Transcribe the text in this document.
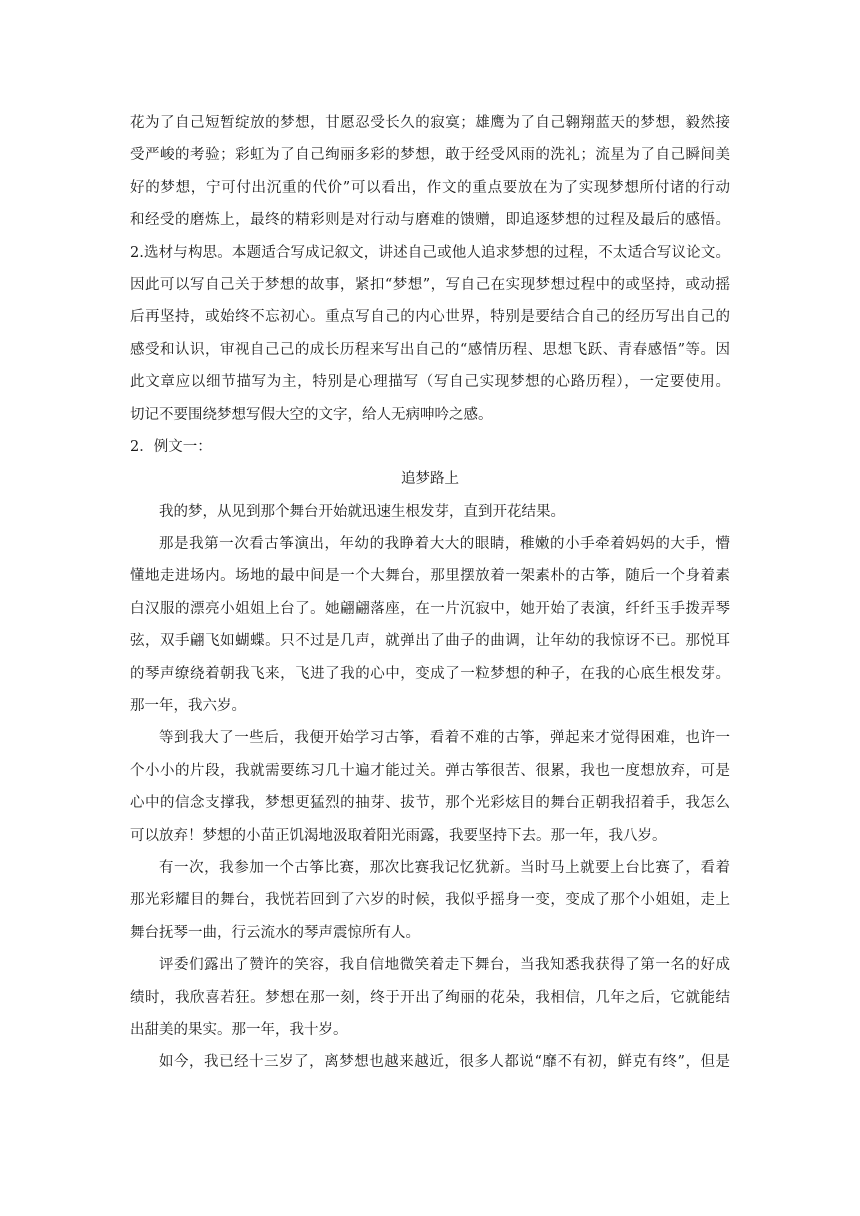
花为了自己短暂绽放的梦想，甘愿忍受长久的寂寞；雄鹰为了自己翱翔蓝天的梦想，毅然接
受严峻的考验；彩虹为了自己绚丽多彩的梦想，敢于经受风雨的洗礼；流星为了自己瞬间美
好的梦想，宁可付出沉重的代价”可以看出，作文的重点要放在为了实现梦想所付诸的行动
和经受的磨炼上，最终的精彩则是对行动与磨难的馈赠，即追逐梦想的过程及最后的感悟。
2.选材与构思。本题适合写成记叙文，讲述自己或他人追求梦想的过程，不太适合写议论文。
因此可以写自己关于梦想的故事，紧扣“梦想”，写自己在实现梦想过程中的或坚持，或动摇
后再坚持，或始终不忘初心。重点写自己的内心世界，特别是要结合自己的经历写出自己的
感受和认识，审视自己己的成长历程来写出自己的“感情历程、思想飞跃、青春感悟”等。因
此文章应以细节描写为主，特别是心理描写（写自己实现梦想的心路历程），一定要使用。
切记不要围绕梦想写假大空的文字，给人无病呻吟之感。
2．例文一：
追梦路上
我的梦，从见到那个舞台开始就迅速生根发芽，直到开花结果。
那是我第一次看古筝演出，年幼的我睁着大大的眼睛，稚嫩的小手牵着妈妈的大手，懵
懂地走进场内。场地的最中间是一个大舞台，那里摆放着一架素朴的古筝，随后一个身着素
白汉服的漂亮小姐姐上台了。她翩翩落座，在一片沉寂中，她开始了表演，纤纤玉手拨弄琴
弦，双手翩飞如蝴蝶。只不过是几声，就弹出了曲子的曲调，让年幼的我惊讶不已。那悦耳
的琴声缭绕着朝我飞来，飞进了我的心中，变成了一粒梦想的种子，在我的心底生根发芽。
那一年，我六岁。
等到我大了一些后，我便开始学习古筝，看着不难的古筝，弹起来才觉得困难，也许一
个小小的片段，我就需要练习几十遍才能过关。弹古筝很苦、很累，我也一度想放弃，可是
心中的信念支撑我，梦想更猛烈的抽芽、拔节，那个光彩炫目的舞台正朝我招着手，我怎么
可以放弃！梦想的小苗正饥渴地汲取着阳光雨露，我要坚持下去。那一年，我八岁。
有一次，我参加一个古筝比赛，那次比赛我记忆犹新。当时马上就要上台比赛了，看着
那光彩耀目的舞台，我恍若回到了六岁的时候，我似乎摇身一变，变成了那个小姐姐，走上
舞台抚琴一曲，行云流水的琴声震惊所有人。
评委们露出了赞许的笑容，我自信地微笑着走下舞台，当我知悉我获得了第一名的好成
绩时，我欣喜若狂。梦想在那一刻，终于开出了绚丽的花朵，我相信，几年之后，它就能结
出甜美的果实。那一年，我十岁。
如今，我已经十三岁了，离梦想也越来越近，很多人都说“靡不有初，鲜克有终”，但是
